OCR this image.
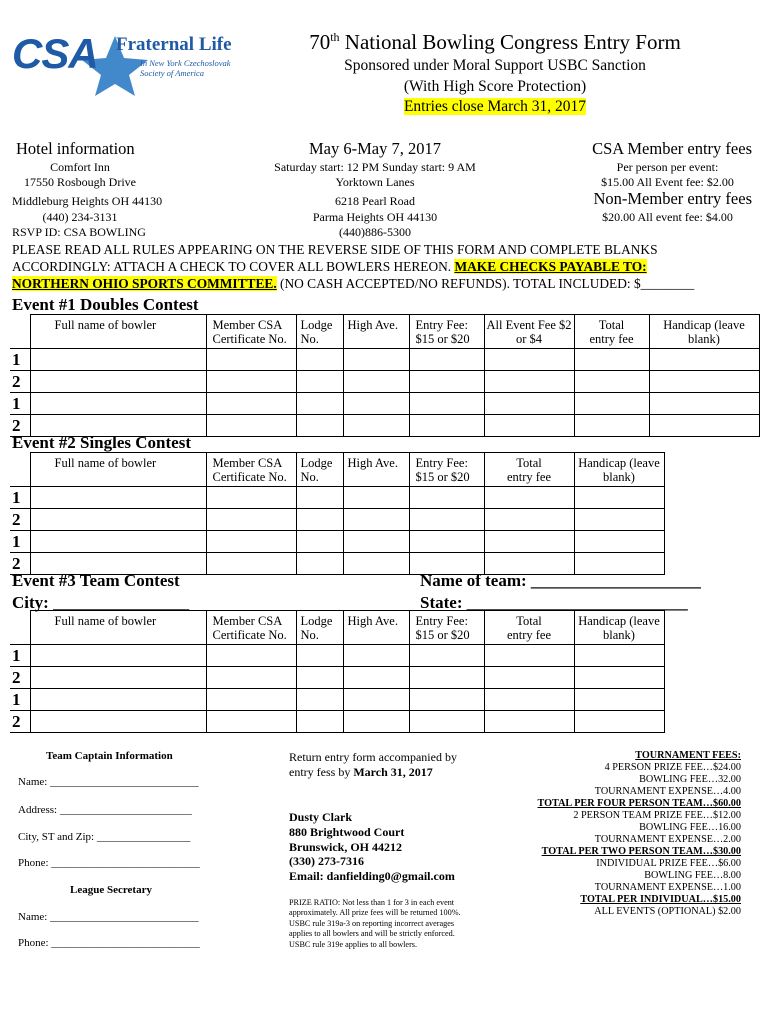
CSA Fraternal Life
In New York Czechoslovak
Society of America
70th National Bowling Congress Entry Form
Sponsored under Moral Support USBC Sanction
(With High Score Protection)
Entries close March 31, 2017
Hotel information
Comfort Inn
17550 Rosbough Drive
Middleburg Heights OH 44130
(440) 234-3131
RSVP ID: CSA BOWLING
May 6-May 7, 2017
Saturday start: 12 PM Sunday start: 9 AM
Yorktown Lanes
6218 Pearl Road
Parma Heights OH 44130
(440)886-5300
CSA Member entry fees
Per person per event:
$15.00 All Event fee: $2.00
Non-Member entry fees
$20.00 All event fee: $4.00
PLEASE READ ALL RULES APPEARING ON THE REVERSE SIDE OF THIS FORM AND COMPLETE BLANKS
ACCORDINGLY: ATTACH A CHECK TO COVER ALL BOWLERS HEREON. MAKE CHECKS PAYABLE TO:
NORTHERN OHIO SPORTS COMMITTEE. (NO CASH ACCEPTED/NO REFUNDS). TOTAL INCLUDED: $________
Event #1 Doubles Contest
	Full name of bowler	Member CSA Certificate No.	Lodge No.	High Ave.	Entry Fee: $15 or $20	All Event Fee $2 or $4	Total entry fee	Handicap (leave blank)
1								
2								
1								
2								
Event #2 Singles Contest
	Full name of bowler	Member CSA Certificate No.	Lodge No.	High Ave.	Entry Fee: $15 or $20	Total entry fee	Handicap (leave blank)	
1								
2								
1								
2								
Event #3 Team Contest	Name of team: ____________________
City: ________________	State: __________________________
	Full name of bowler	Member CSA Certificate No.	Lodge No.	High Ave.	Entry Fee: $15 or $20	Total entry fee	Handicap (leave blank)	
1								
2								
1								
2								
Team Captain Information
Name: ___________________________
Address: ________________________
City, ST and Zip: _________________
Phone: ___________________________
League Secretary
Name: ___________________________
Phone: ___________________________
Return entry form accompanied by
entry fess by March 31, 2017
Dusty Clark
880 Brightwood Court
Brunswick, OH 44212
(330) 273-7316
Email: danfielding0@gmail.com
PRIZE RATIO: Not less than 1 for 3 in each event
approximately. All prize fees will be returned 100%.
USBC rule 319a-3 on reporting incorrect averages
applies to all bowlers and will be strictly enforced.
USBC rule 319e applies to all bowlers.
TOURNAMENT FEES:
4 PERSON PRIZE FEE…$24.00
BOWLING FEE…32.00
TOURNAMENT EXPENSE…4.00
TOTAL PER FOUR PERSON TEAM…$60.00
2 PERSON TEAM PRIZE FEE…$12.00
BOWLING FEE…16.00
TOURNAMENT EXPENSE…2.00
TOTAL PER TWO PERSON TEAM…$30.00
INDIVIDUAL PRIZE FEE…$6.00
BOWLING FEE…8.00
TOURNAMENT EXPENSE…1.00
TOTAL PER INDIVIDUAL…$15.00
ALL EVENTS (OPTIONAL) $2.00
